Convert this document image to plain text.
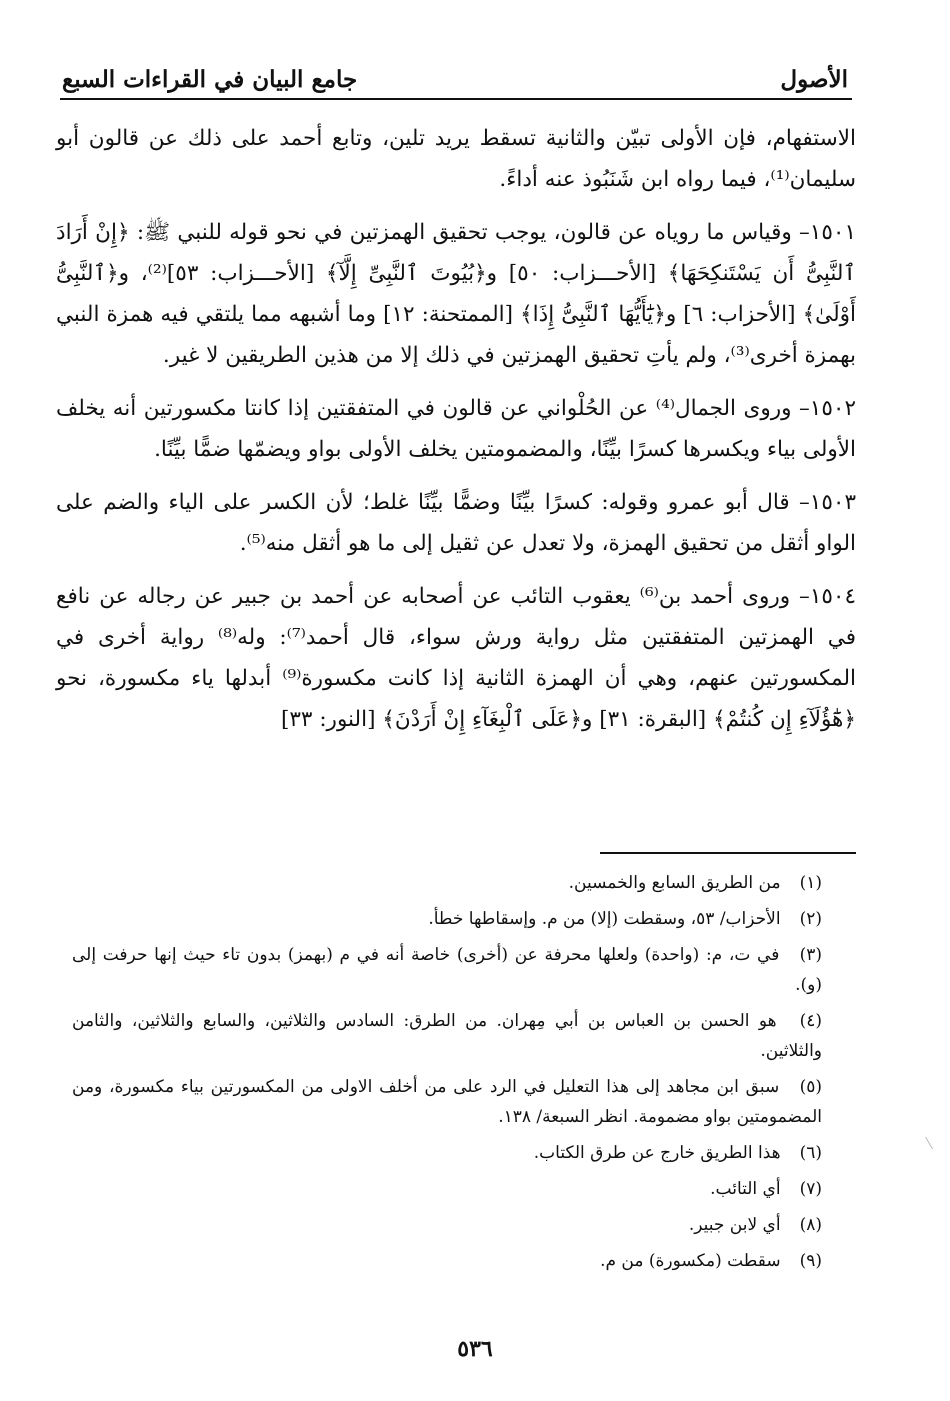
الأصول
جامع البيان في القراءات السبع

الاستفهام، فإن الأولى تبيّن والثانية تسقط يريد تلين، وتابع أحمد على ذلك عن قالون أبو سليمان⁽¹⁾، فيما رواه ابن شَنَبُوذ عنه أداءً.

١٥٠١– وقياس ما روياه عن قالون، يوجب تحقيق الهمزتين في نحو قوله للنبي ﷺ: ﴿إِنْ أَرَادَ ٱلنَّبِىُّ أَن يَسْتَنكِحَهَا﴾ [الأحـــزاب: ٥٠] و﴿بُيُوتَ ٱلنَّبِىِّ إِلَّآ﴾ [الأحـــزاب: ٥٣]⁽²⁾، و﴿ٱلنَّبِىُّ أَوْلَىٰ﴾ [الأحزاب: ٦] و﴿يَٰٓأَيُّهَا ٱلنَّبِىُّ إِذَا﴾ [الممتحنة: ١٢] وما أشبهه مما يلتقي فيه همزة النبي بهمزة أخرى⁽³⁾، ولم يأتِ تحقيق الهمزتين في ذلك إلا من هذين الطريقين لا غير.

١٥٠٢– وروى الجمال⁽⁴⁾ عن الحُلْواني عن قالون في المتفقتين إذا كانتا مكسورتين أنه يخلف الأولى بياء ويكسرها كسرًا بيِّنًا، والمضمومتين يخلف الأولى بواو ويضمّها ضمًّا بيِّنًا.

١٥٠٣– قال أبو عمرو وقوله: كسرًا بيِّنًا وضمًّا بيِّنًا غلط؛ لأن الكسر على الياء والضم على الواو أثقل من تحقيق الهمزة، ولا تعدل عن ثقيل إلى ما هو أثقل منه⁽⁵⁾.

١٥٠٤– وروى أحمد بن⁽⁶⁾ يعقوب التائب عن أصحابه عن أحمد بن جبير عن رجاله عن نافع في الهمزتين المتفقتين مثل رواية ورش سواء، قال أحمد⁽⁷⁾: وله⁽⁸⁾ رواية أخرى في المكسورتين عنهم، وهي أن الهمزة الثانية إذا كانت مكسورة⁽⁹⁾ أبدلها ياء مكسورة، نحو ﴿هَٰٓؤُلَآءِ إِن كُنتُمْ﴾ [البقرة: ٣١] و﴿عَلَى ٱلْبِغَآءِ إِنْ أَرَدْنَ﴾ [النور: ٣٣]

(١) من الطريق السابع والخمسين.
(٢) الأحزاب/ ٥٣، وسقطت (إلا) من م. وإسقاطها خطأ.
(٣) في ت، م: (واحدة) ولعلها محرفة عن (أخرى) خاصة أنه في م (بهمز) بدون تاء حيث إنها حرفت إلى (و).
(٤) هو الحسن بن العباس بن أبي مِهران. من الطرق: السادس والثلاثين، والسابع والثلاثين، والثامن والثلاثين.
(٥) سبق ابن مجاهد إلى هذا التعليل في الرد على من أخلف الاولى من المكسورتين بياء مكسورة، ومن المضمومتين بواو مضمومة. انظر السبعة/ ١٣٨.
(٦) هذا الطريق خارج عن طرق الكتاب.
(٧) أي التائب.
(٨) أي لابن جبير.
(٩) سقطت (مكسورة) من م.
٥٣٦
